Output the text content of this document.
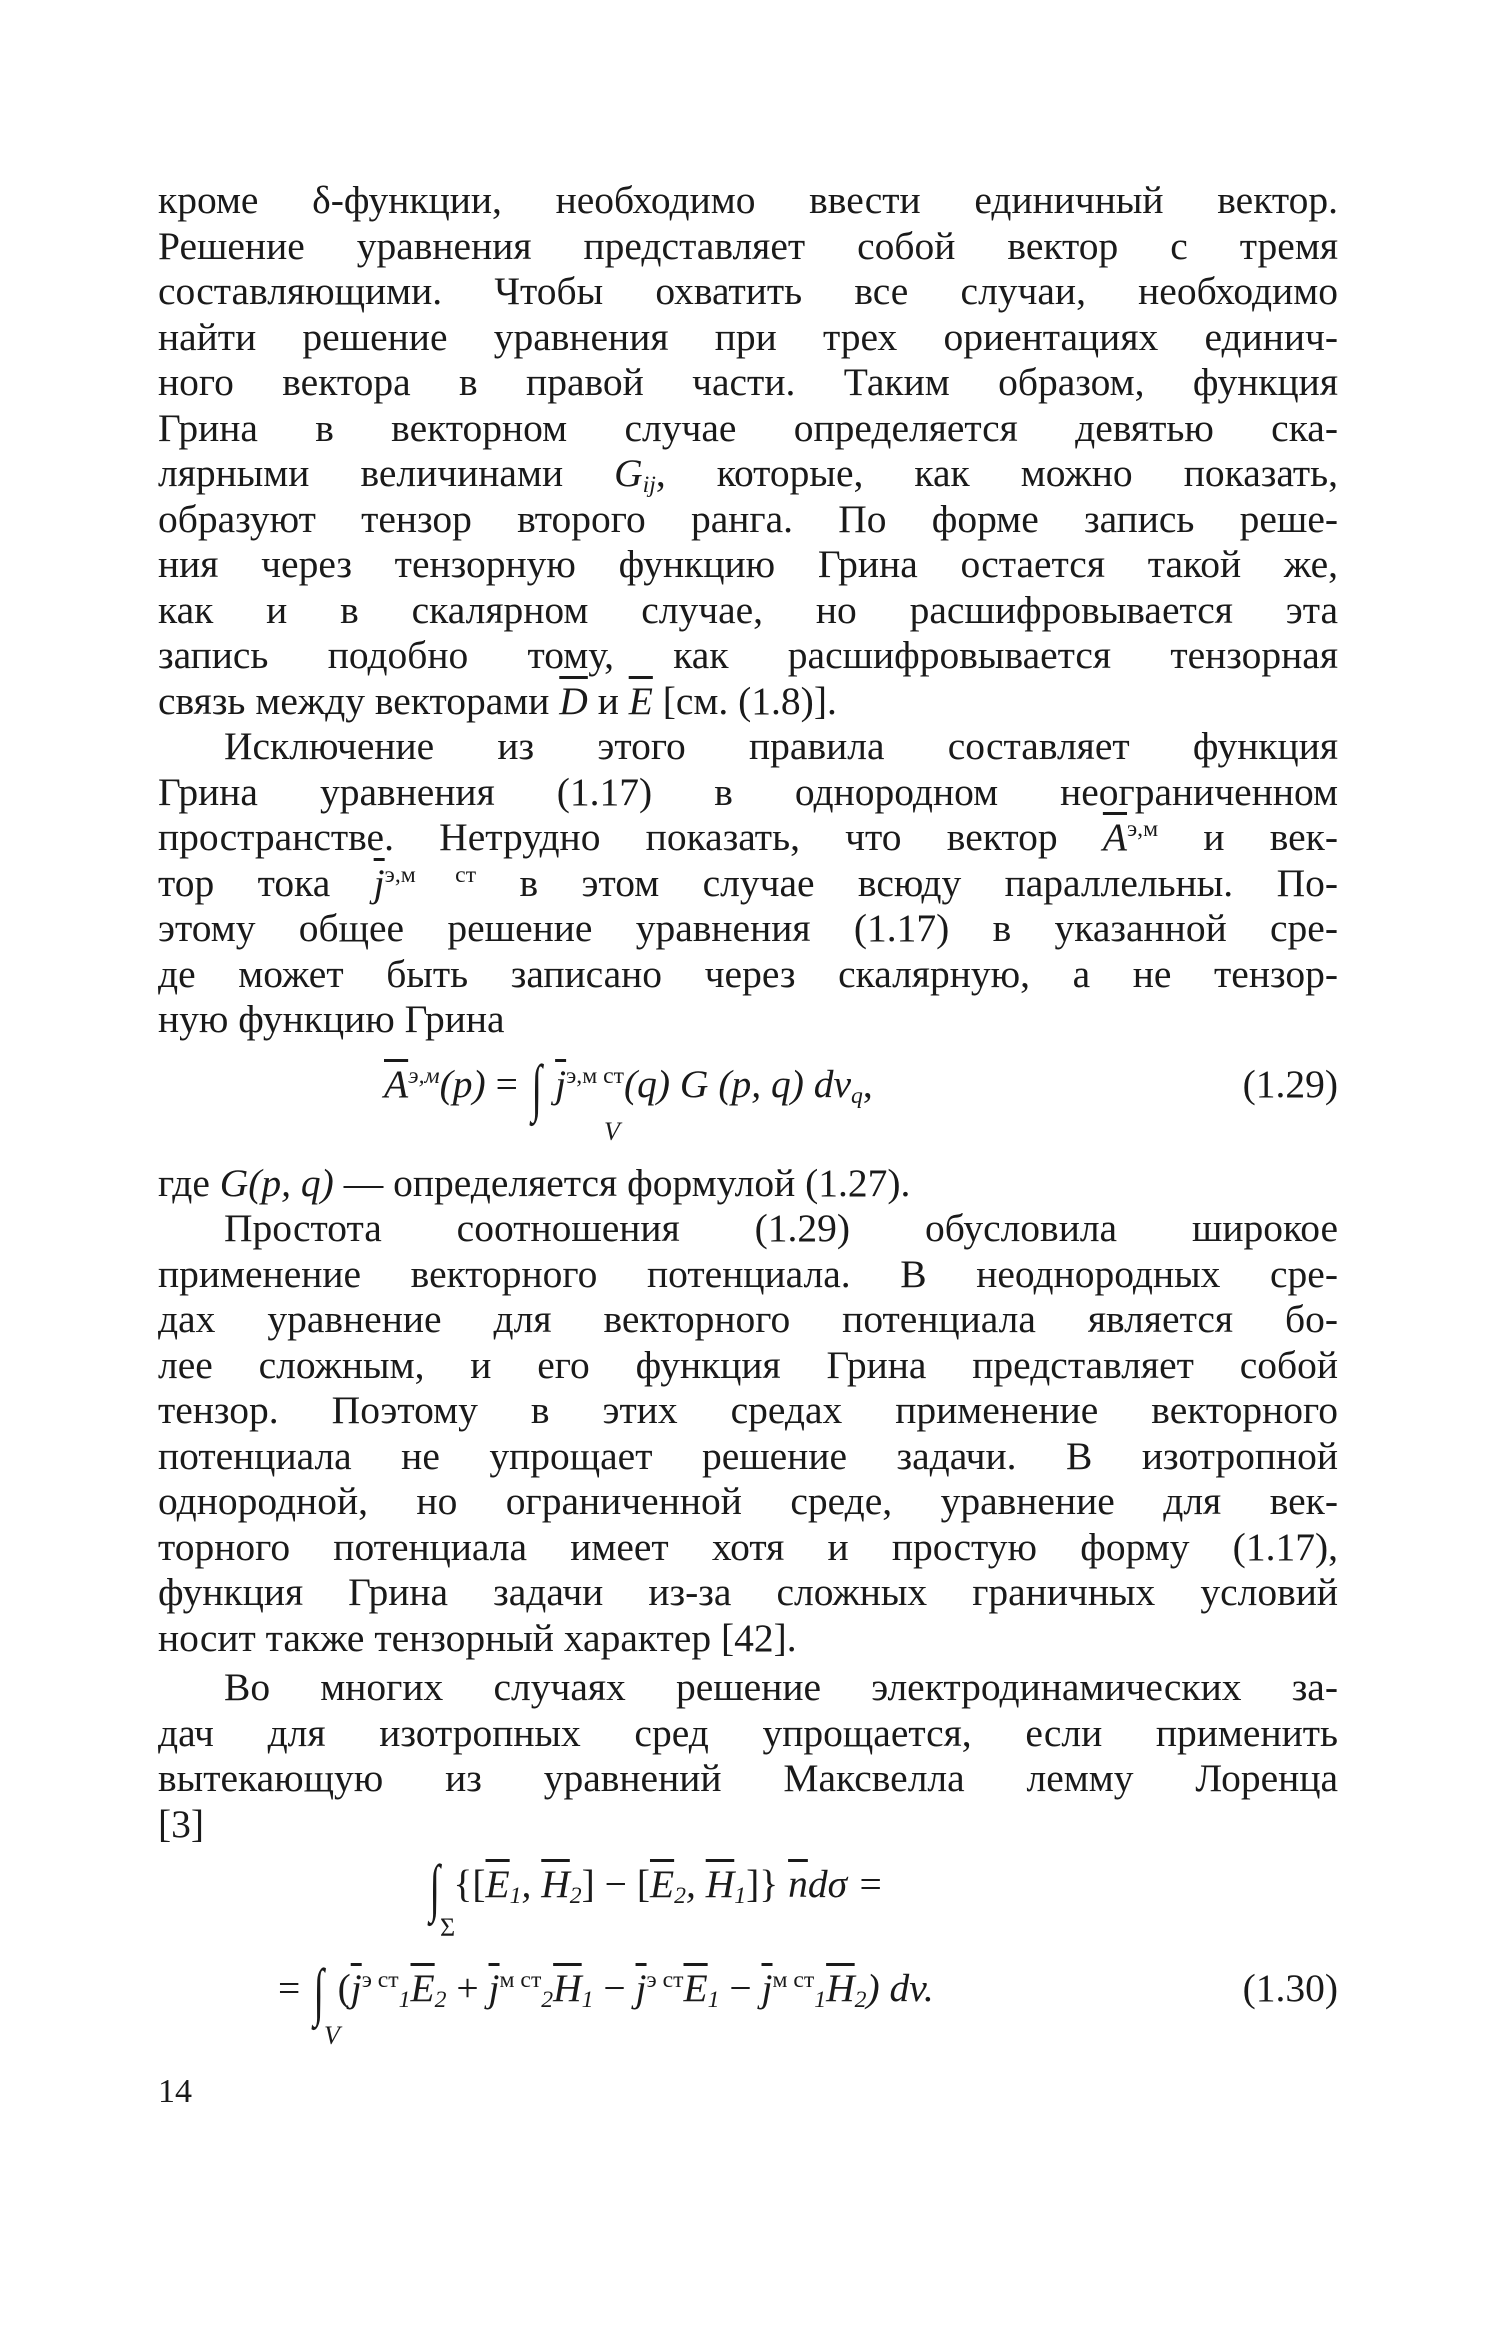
кроме δ-функции, необходимо ввести единичный вектор.
Решение уравнения представляет собой вектор с тремя
составляющими. Чтобы охватить все случаи, необходимо
найти решение уравнения при трех ориентациях единич-
ного вектора в правой части. Таким образом, функция
Грина в векторном случае определяется девятью ска-
лярными величинами $G_{ij}$, которые, как можно показать,
образуют тензор второго ранга. По форме запись реше-
ния через тензорную функцию Грина остается такой же,
как и в скалярном случае, но расшифровывается эта
запись подобно тому, как расшифровывается тензорная
связь между векторами $\overline{D}$ и $\overline{E}$ [см. (1.8)].
Исключение из этого правила составляет функция
Грина уравнения (1.17) в однородном неограниченном
пространстве. Нетрудно показать, что вектор $\overline{A}^{э,м}$ и век-
тор тока $\overline{j}^{э,м ст}$ в этом случае всюду параллельны. По-
этому общее решение уравнения (1.17) в указанной сре-
де может быть записано через скалярную, а не тензор-
ную функцию Грина
$\overline{A}^{э,м}(p)$ = ∫ $\overline{j}^{э,м ст}(q)$ G (p, q) $dv_q$,
V
(1.29)
где G(p, q) — определяется формулой (1.27).
Простота соотношения (1.29) обусловила широкое
применение векторного потенциала. В неоднородных сре-
дах уравнение для векторного потенциала является бо-
лее сложным, и его функция Грина представляет собой
тензор. Поэтому в этих средах применение векторного
потенциала не упрощает решение задачи. В изотропной
однородной, но ограниченной среде, уравнение для век-
торного потенциала имеет хотя и простую форму (1.17),
функция Грина задачи из-за сложных граничных условий
носит также тензорный характер [42].
Во многих случаях решение электродинамических за-
дач для изотропных сред упрощается, если применить
вытекающую из уравнений Максвелла лемму Лоренца
[3]
∫ {[$\overline{E}_1$, $\overline{H}_2] - [\overline{E}_2$, $\overline{H}_1$]} $\overline{n}d\sigma$ =
Σ
= ∫ $(\overline{j}^{э ст}_1\overline{E}_2 + \overline{j}^{м ст}_2\overline{H}_1 - \overline{j}^{э ст}\overline{E}_1 - \overline{j}^{м ст}_1\overline{H}_2)$ dv.
V
(1.30)
14
